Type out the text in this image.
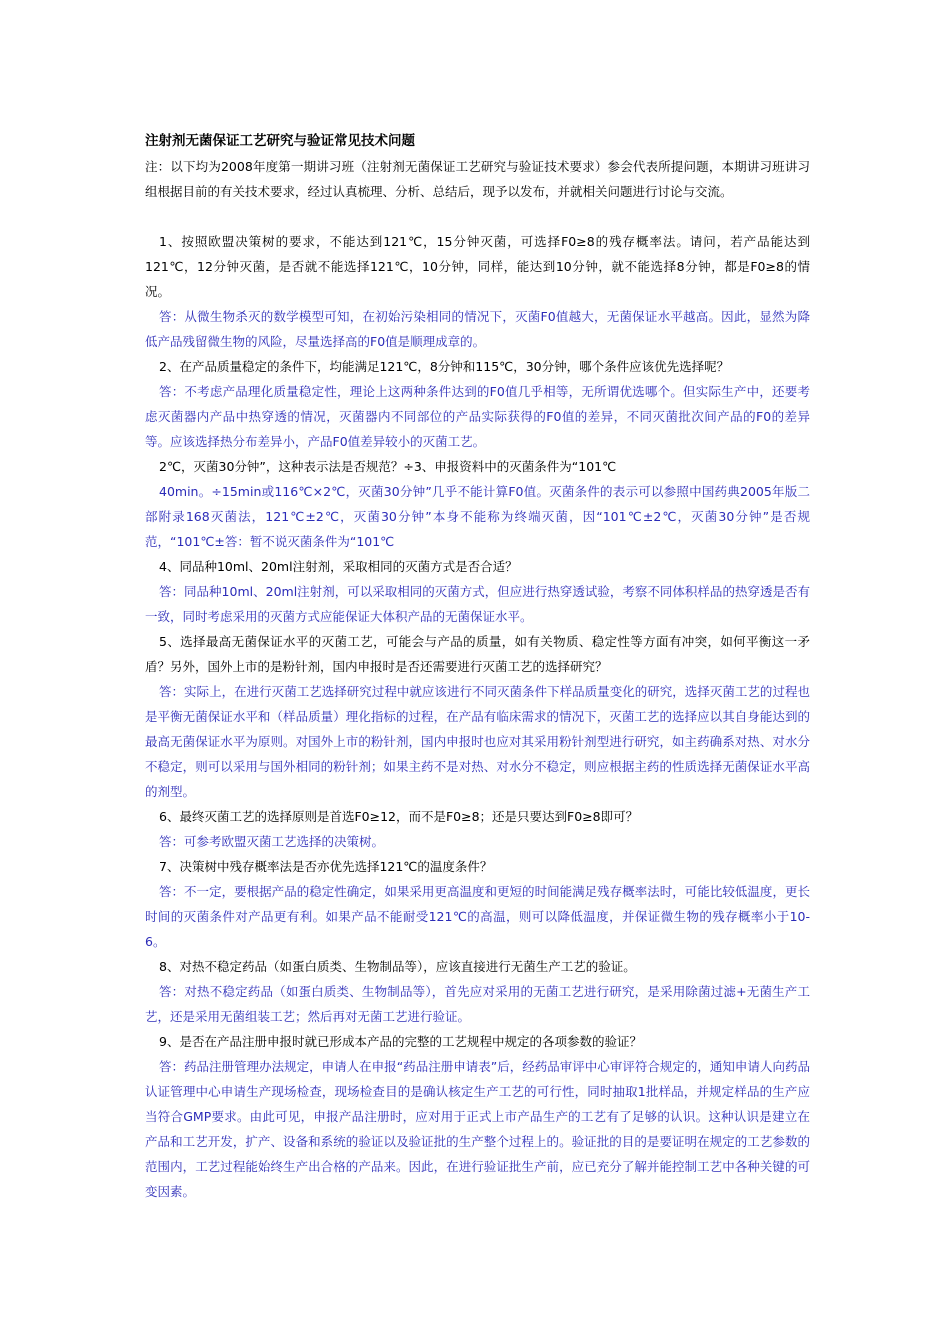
注射剂无菌保证工艺研究与验证常见技术问题

注：以下均为2008年度第一期讲习班（注射剂无菌保证工艺研究与验证技术要求）参会代表所提问题，本期讲习班讲习组根据目前的有关技术要求，经过认真梳理、分析、总结后，现予以发布，并就相关问题进行讨论与交流。

1、按照欧盟决策树的要求，不能达到121℃，15分钟灭菌，可选择F0≥8的残存概率法。请问，若产品能达到121℃，12分钟灭菌，是否就不能选择121℃，10分钟，同样，能达到10分钟，就不能选择8分钟，都是F0≥8的情况。

答：从微生物杀灭的数学模型可知，在初始污染相同的情况下，灭菌F0值越大，无菌保证水平越高。因此，显然为降低产品残留微生物的风险，尽量选择高的F0值是顺理成章的。

2、在产品质量稳定的条件下，均能满足121℃，8分钟和115℃，30分钟，哪个条件应该优先选择呢？

答：不考虑产品理化质量稳定性，理论上这两种条件达到的F0值几乎相等，无所谓优选哪个。但实际生产中，还要考虑灭菌器内产品中热穿透的情况，灭菌器内不同部位的产品实际获得的F0值的差异，不同灭菌批次间产品的F0的差异等。应该选择热分布差异小，产品F0值差异较小的灭菌工艺。

2℃，灭菌30分钟”，这种表示法是否规范？÷3、申报资料中的灭菌条件为“101℃

40min。÷15min或116℃×2℃，灭菌30分钟”几乎不能计算F0值。灭菌条件的表示可以参照中国药典2005年版二部附录168灭菌法，121℃±2℃，灭菌30分钟”本身不能称为终端灭菌，因“101℃±2℃，灭菌30分钟”是否规范，“101℃±答：暂不说灭菌条件为“101℃

4、同品种10ml、20ml注射剂，采取相同的灭菌方式是否合适？

答：同品种10ml、20ml注射剂，可以采取相同的灭菌方式，但应进行热穿透试验，考察不同体积样品的热穿透是否有一致，同时考虑采用的灭菌方式应能保证大体积产品的无菌保证水平。

5、选择最高无菌保证水平的灭菌工艺，可能会与产品的质量，如有关物质、稳定性等方面有冲突，如何平衡这一矛盾？另外，国外上市的是粉针剂，国内申报时是否还需要进行灭菌工艺的选择研究？

答：实际上，在进行灭菌工艺选择研究过程中就应该进行不同灭菌条件下样品质量变化的研究，选择灭菌工艺的过程也是平衡无菌保证水平和（样品质量）理化指标的过程，在产品有临床需求的情况下，灭菌工艺的选择应以其自身能达到的最高无菌保证水平为原则。对国外上市的粉针剂，国内申报时也应对其采用粉针剂型进行研究，如主药确系对热、对水分不稳定，则可以采用与国外相同的粉针剂；如果主药不是对热、对水分不稳定，则应根据主药的性质选择无菌保证水平高的剂型。

6、最终灭菌工艺的选择原则是首选F0≥12，而不是F0≥8；还是只要达到F0≥8即可？

答：可参考欧盟灭菌工艺选择的决策树。

7、决策树中残存概率法是否亦优先选择121℃的温度条件？

答：不一定，要根据产品的稳定性确定，如果采用更高温度和更短的时间能满足残存概率法时，可能比较低温度，更长时间的灭菌条件对产品更有利。如果产品不能耐受121℃的高温，则可以降低温度，并保证微生物的残存概率小于10-6。

8、对热不稳定药品（如蛋白质类、生物制品等），应该直接进行无菌生产工艺的验证。

答：对热不稳定药品（如蛋白质类、生物制品等），首先应对采用的无菌工艺进行研究，是采用除菌过滤+无菌生产工艺，还是采用无菌组装工艺；然后再对无菌工艺进行验证。

9、是否在产品注册申报时就已形成本产品的完整的工艺规程中规定的各项参数的验证？

答：药品注册管理办法规定，申请人在申报“药品注册申请表”后，经药品审评中心审评符合规定的，通知申请人向药品认证管理中心申请生产现场检查，现场检查目的是确认核定生产工艺的可行性，同时抽取1批样品，并规定样品的生产应当符合GMP要求。由此可见，申报产品注册时，应对用于正式上市产品生产的工艺有了足够的认识。这种认识是建立在产品和工艺开发，扩产、设备和系统的验证以及验证批的生产整个过程上的。验证批的目的是要证明在规定的工艺参数的范围内，工艺过程能始终生产出合格的产品来。因此，在进行验证批生产前，应已充分了解并能控制工艺中各种关键的可变因素。
